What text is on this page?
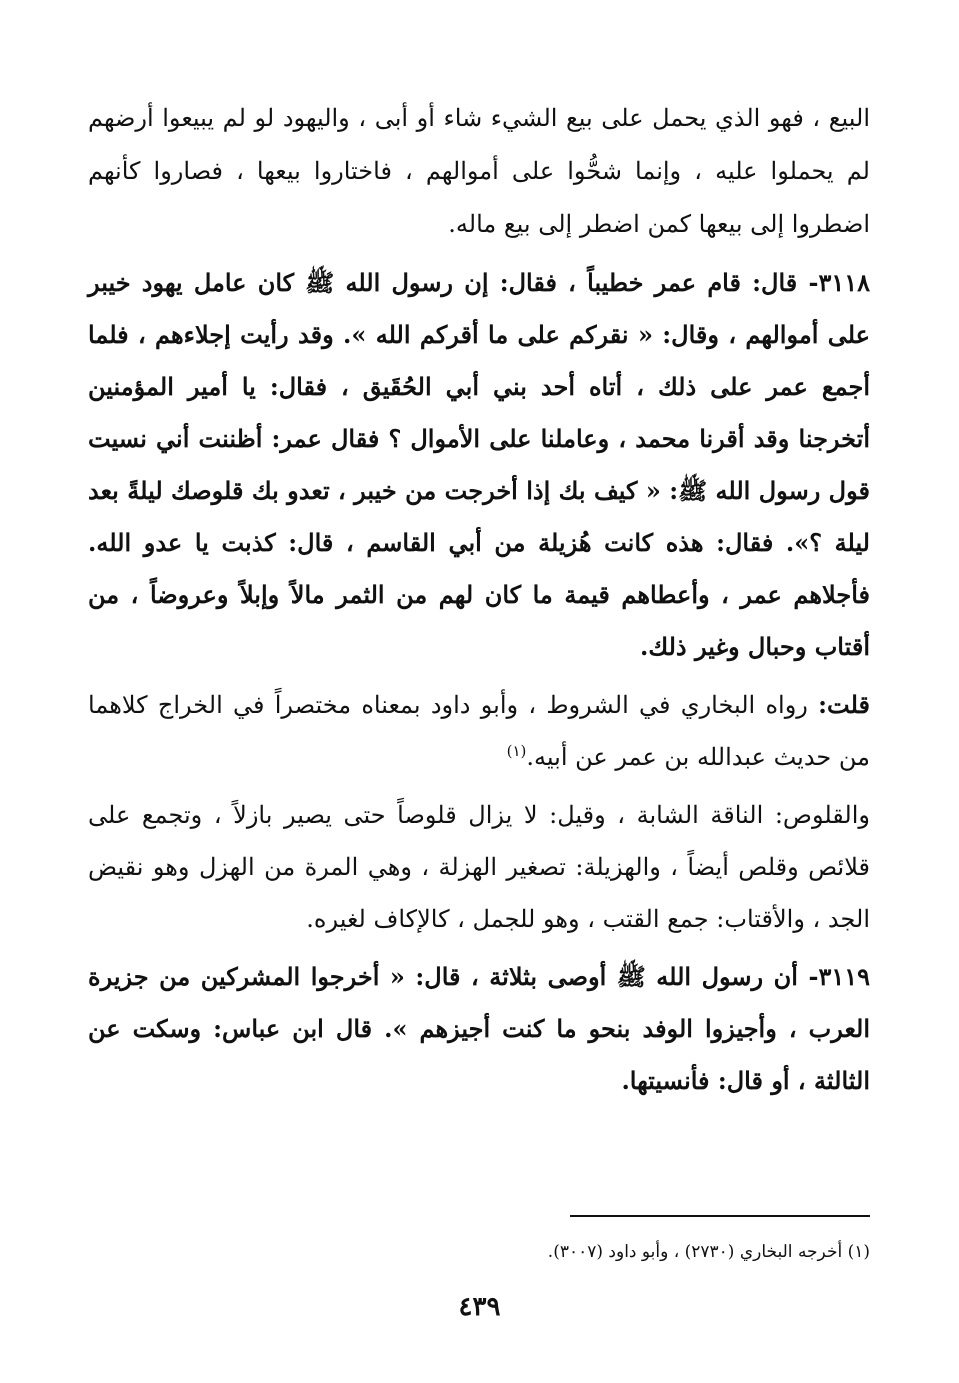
البيع ، فهو الذي يحمل على بيع الشيء شاء أو أبى ، واليهود لو لم يبيعوا أرضهم لم يحملوا عليه ، وإنما شحُّوا على أموالهم ، فاختاروا بيعها ، فصاروا كأنهم اضطروا إلى بيعها كمن اضطر إلى بيع ماله.

٣١١٨- قال: قام عمر خطيباً ، فقال: إن رسول الله ﷺ كان عامل يهود خيبر على أموالهم ، وقال: « نقركم على ما أقركم الله ». وقد رأيت إجلاءهم ، فلما أجمع عمر على ذلك ، أتاه أحد بني أبي الحُقَيق ، فقال: يا أمير المؤمنين أتخرجنا وقد أقرنا محمد ، وعاملنا على الأموال ؟ فقال عمر: أظننت أني نسيت قول رسول الله ﷺ: « كيف بك إذا أخرجت من خيبر ، تعدو بك قلوصك ليلةً بعد ليلة ؟». فقال: هذه كانت هُزيلة من أبي القاسم ، قال: كذبت يا عدو الله. فأجلاهم عمر ، وأعطاهم قيمة ما كان لهم من الثمر مالاً وإبلاً وعروضاً ، من أقتاب وحبال وغير ذلك.

قلت: رواه البخاري في الشروط ، وأبو داود بمعناه مختصراً في الخراج كلاهما من حديث عبدالله بن عمر عن أبيه.$^{(١)}$

والقلوص: الناقة الشابة ، وقيل: لا يزال قلوصاً حتى يصير بازلاً ، وتجمع على قلائص وقلص أيضاً ، والهزيلة: تصغير الهزلة ، وهي المرة من الهزل وهو نقيض الجد ، والأقتاب: جمع القتب ، وهو للجمل ، كالإكاف لغيره.

٣١١٩- أن رسول الله ﷺ أوصى بثلاثة ، قال: « أخرجوا المشركين من جزيرة العرب ، وأجيزوا الوفد بنحو ما كنت أجيزهم ». قال ابن عباس: وسكت عن الثالثة ، أو قال: فأنسيتها.

(١) أخرجه البخاري (٢٧٣٠) ، وأبو داود (٣٠٠٧).
٤٣٩
